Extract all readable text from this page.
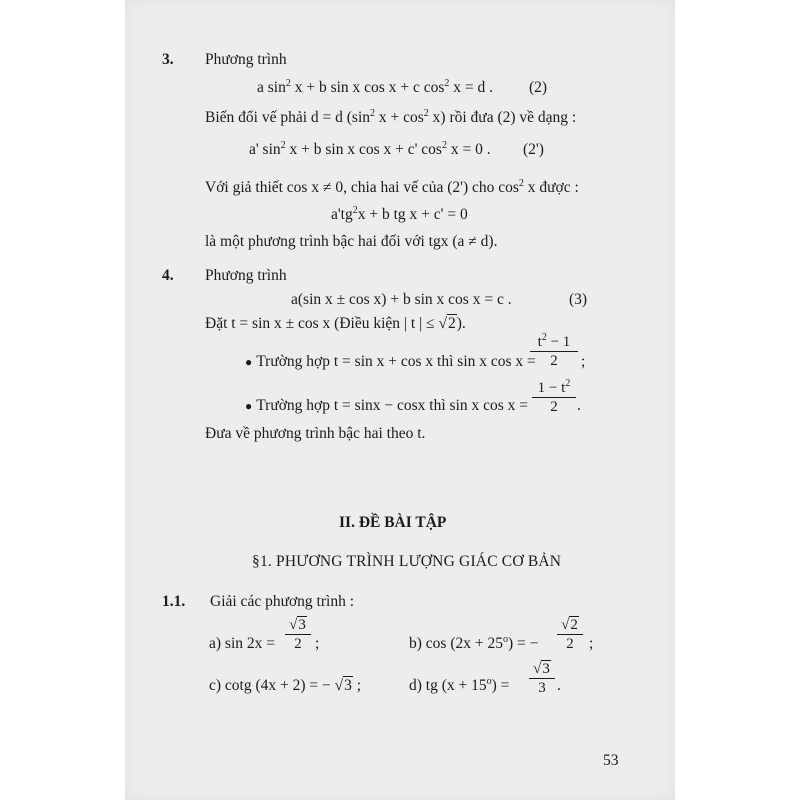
3. Phương trình
a $\sin^2 x + b$ sin x cos x + c $\cos^2 x = d$ . (2)
Biến đổi vế phải d = d ($\sin^2$ $x + \cos^2 x$) rồi đưa (2) về dạng :
a' $\sin^2 x + b$ sin x cos x + c' $\cos^2 x = 0$ . (2')
Với giả thiết cos x ≠ 0, chia hai vế của (2') cho $\cos^2 x$ được :
$a'tg^2x + b$ tg x + c' = 0
là một phương trình bậc hai đối với tgx (a ≠ d).
4. Phương trình
a(sin x ± cos x) + b sin x cos x = c .	(3)
Đặt t = sin x ± cos x (Điều kiện | t | ≤ √2).
● Trường hợp t = sin x + cos x thì sin x cos x =
$t^2 - 1$
2	;
● Trường hợp t = sinx − cosx thì sin x cos x =
$1 - t^2$
2	.
Đưa về phương trình bậc hai theo t.
II. ĐỀ BÀI TẬP
§1. PHƯƠNG TRÌNH LƯỢNG GIÁC CƠ BẢN
1.1. Giải các phương trình :
a) sin 2x =
√3
2 ;	b) $\cos (2x + 25^o)$ = −
√2
2 ;
c) cotg (4x + 2) = − √3 ;	d) tg $(x + 15^o)$ =
√3
3 .
53
